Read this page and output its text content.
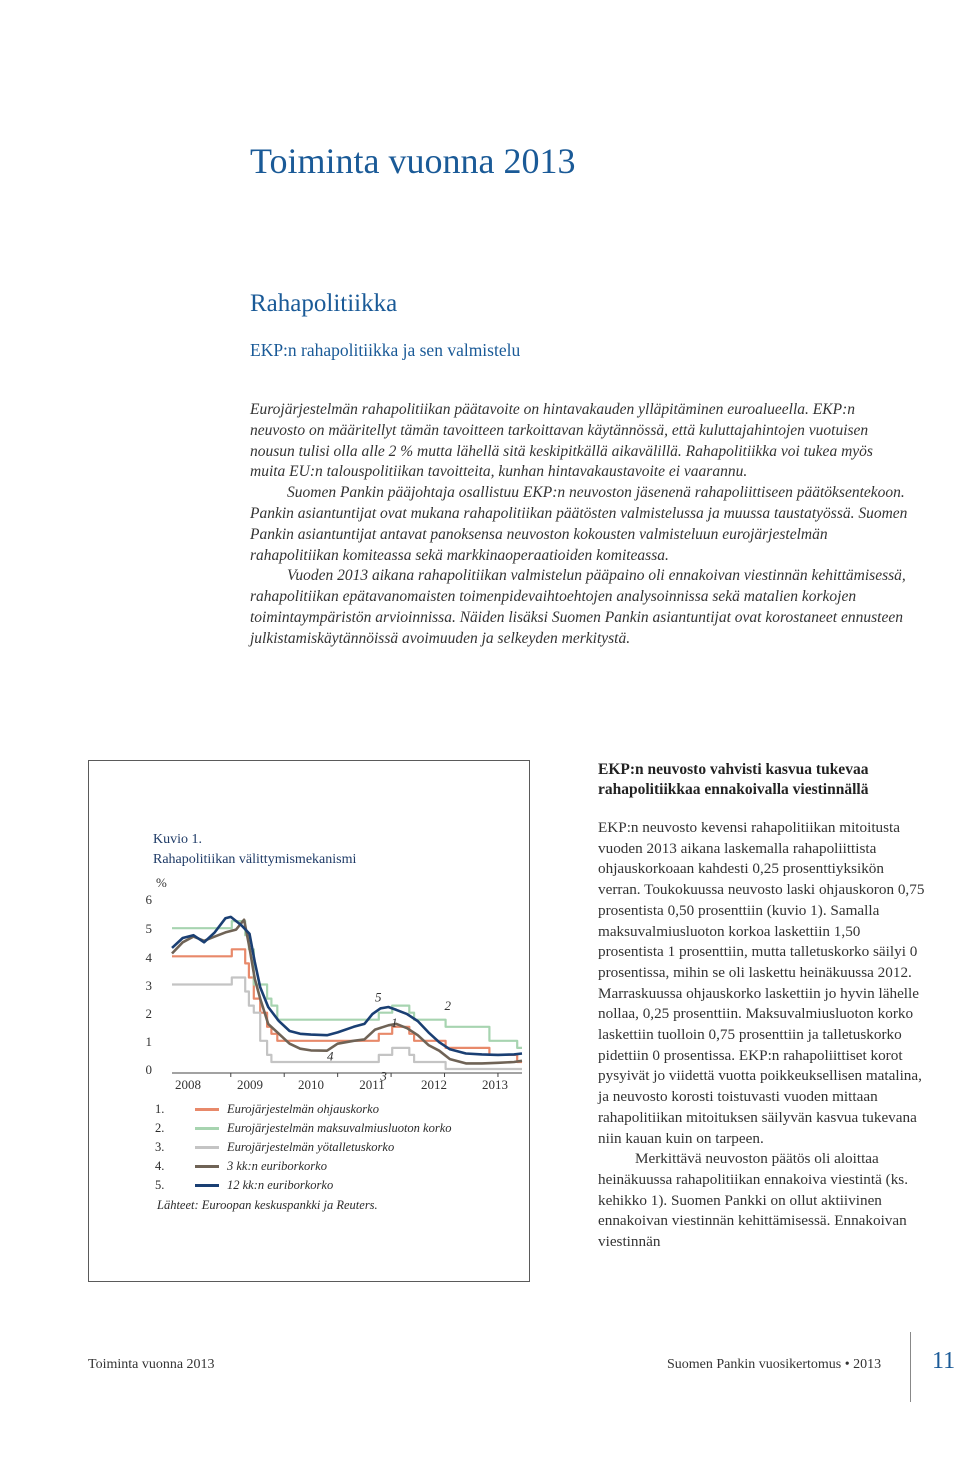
Toiminta vuonna 2013
Rahapolitiikka
EKP:n rahapolitiikka ja sen valmistelu

Eurojärjestelmän rahapolitiikan päätavoite on hintavakauden ylläpitäminen euroalueella. EKP:n neuvosto on määritellyt tämän tavoitteen tarkoittavan käytännössä, että kuluttajahintojen vuotuisen nousun tulisi olla alle 2 % mutta lähellä sitä keskipitkällä aikavälillä. Rahapolitiikka voi tukea myös muita EU:n talouspolitiikan tavoitteita, kunhan hintavakaustavoite ei vaarannu.

Suomen Pankin pääjohtaja osallistuu EKP:n neuvoston jäsenenä rahapoliittiseen päätöksentekoon. Pankin asiantuntijat ovat mukana rahapolitiikan päätösten valmistelussa ja muussa taustatyössä. Suomen Pankin asiantuntijat antavat panoksensa neuvoston kokousten valmisteluun eurojärjestelmän rahapolitiikan komiteassa sekä markkinaoperaatioiden komiteassa.

Vuoden 2013 aikana rahapolitiikan valmistelun pääpaino oli ennakoivan viestinnän kehittämisessä, rahapolitiikan epätavanomaisten toimenpidevaihtoehtojen analysoinnissa sekä matalien korkojen toimintaympäristön arvioinnissa. Näiden lisäksi Suomen Pankin asiantuntijat ovat korostaneet ennusteen julkistamiskäytännöissä avoimuuden ja selkeyden merkitystä.

Kuvio 1.
Rahapolitiikan välittymismekanismi
%
0
1
2
3
4
5
6
1
2
3
4
5
2008	2009	2010	2011	2012	2013
1.	Eurojärjestelmän ohjauskorko
2.	Eurojärjestelmän maksuvalmiusluoton korko
3.	Eurojärjestelmän yötalletuskorko
4.	3 kk:n euriborkorko
5.	12 kk:n euriborkorko
Lähteet: Euroopan keskuspankki ja Reuters.
EKP:n neuvosto vahvisti kasvua tukevaa rahapolitiikkaa ennakoivalla viestinnällä

EKP:n neuvosto kevensi rahapolitiikan mitoitusta vuoden 2013 aikana laskemalla rahapoliittista ohjauskorkoaan kahdesti 0,25 prosenttiyksikön verran. Toukokuussa neuvosto laski ohjauskoron 0,75 prosentista 0,50 prosenttiin (kuvio 1). Samalla maksuvalmiusluoton korkoa laskettiin 1,50 prosentista 1 prosenttiin, mutta talletuskorko säilyi 0 prosentissa, mihin se oli laskettu heinäkuussa 2012. Marraskuussa ohjauskorko laskettiin jo hyvin lähelle nollaa, 0,25 prosenttiin. Maksuvalmiusluoton korko laskettiin tuolloin 0,75 prosenttiin ja talletuskorko pidettiin 0 prosentissa. EKP:n rahapoliittiset korot pysyivät jo viidettä vuotta poikkeuksellisen matalina, ja neuvosto korosti toistuvasti vuoden mittaan rahapolitiikan mitoituksen säilyvän kasvua tukevana niin kauan kuin on tarpeen.

Merkittävä neuvoston päätös oli aloittaa heinäkuussa rahapolitiikan ennakoiva viestintä (ks. kehikko 1). Suomen Pankki on ollut aktiivinen ennakoivan viestinnän kehittämisessä. Ennakoivan viestinnän

Toiminta vuonna 2013	Suomen Pankin vuosikertomus • 2013 11
